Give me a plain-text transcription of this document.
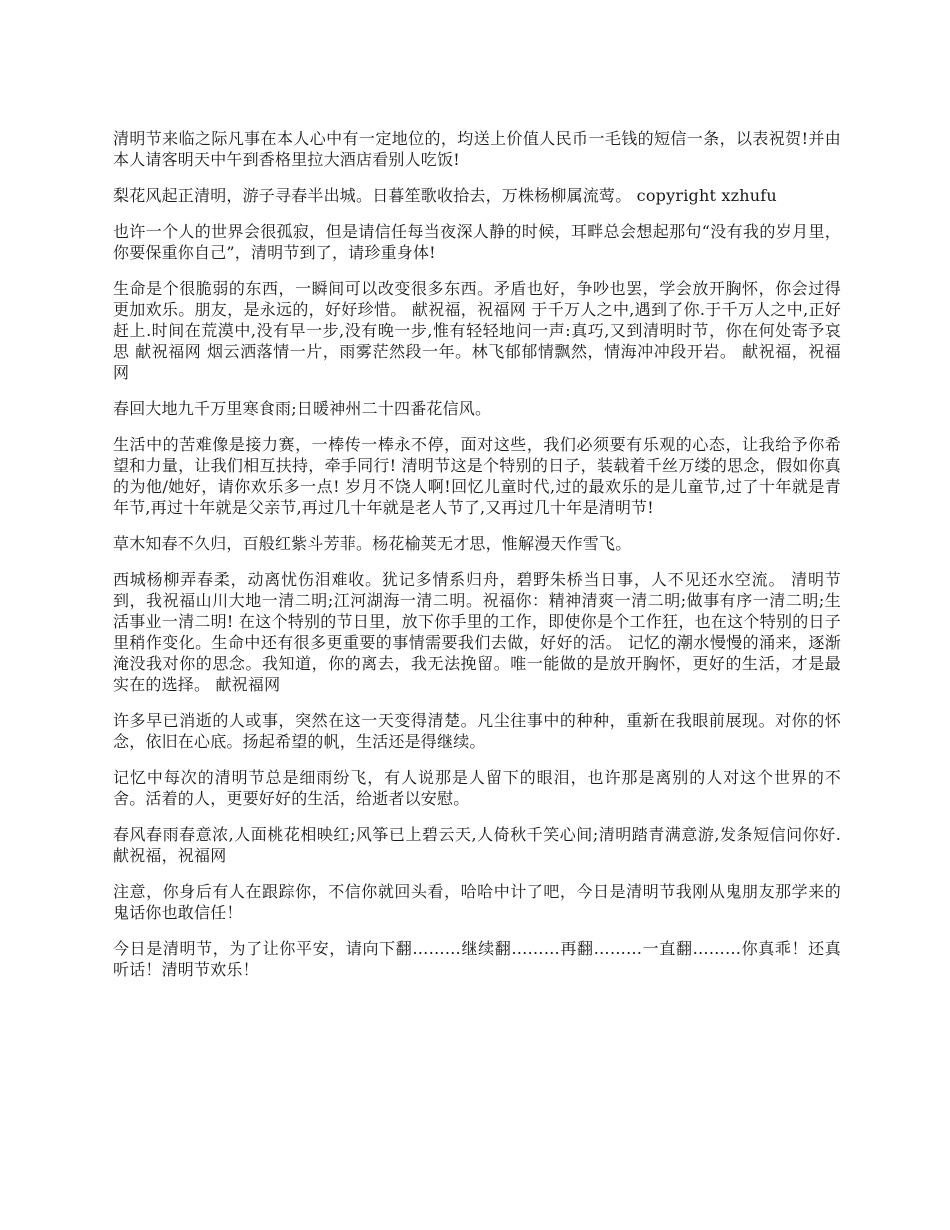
清明节来临之际凡事在本人心中有一定地位的，均送上价值人民币一毛钱的短信一条，以表祝贺!并由本人请客明天中午到香格里拉大酒店看别人吃饭!

梨花风起正清明，游子寻春半出城。日暮笙歌收拾去，万株杨柳属流莺。 copyright xzhufu

也许一个人的世界会很孤寂，但是请信任每当夜深人静的时候，耳畔总会想起那句“没有我的岁月里，你要保重你自己”，清明节到了，请珍重身体!

生命是个很脆弱的东西，一瞬间可以改变很多东西。矛盾也好，争吵也罢，学会放开胸怀，你会过得更加欢乐。朋友，是永远的，好好珍惜。 献祝福，祝福网 于千万人之中,遇到了你.于千万人之中,正好赶上.时间在荒漠中,没有早一步,没有晚一步,惟有轻轻地问一声:真巧,又到清明时节，你在何处寄予哀思 献祝福网 烟云洒落情一片，雨雾茫然段一年。林飞郁郁情飘然，情海冲冲段开岩。 献祝福，祝福网

春回大地九千万里寒食雨;日暖神州二十四番花信风。

生活中的苦难像是接力赛，一棒传一棒永不停，面对这些，我们必须要有乐观的心态，让我给予你希望和力量，让我们相互扶持，牵手同行! 清明节这是个特别的日子，装载着千丝万缕的思念，假如你真的为他/她好，请你欢乐多一点! 岁月不饶人啊!回忆儿童时代,过的最欢乐的是儿童节,过了十年就是青年节,再过十年就是父亲节,再过几十年就是老人节了,又再过几十年是清明节!

草木知春不久归，百般红紫斗芳菲。杨花榆荚无才思，惟解漫天作雪飞。

西城杨柳弄春柔，动离忧伤泪难收。犹记多情系归舟，碧野朱桥当日事，人不见还水空流。 清明节到，我祝福山川大地一清二明;江河湖海一清二明。祝福你：精神清爽一清二明;做事有序一清二明;生活事业一清二明! 在这个特别的节日里，放下你手里的工作，即使你是个工作狂，也在这个特别的日子里稍作变化。生命中还有很多更重要的事情需要我们去做，好好的活。 记忆的潮水慢慢的涌来，逐渐淹没我对你的思念。我知道，你的离去，我无法挽留。唯一能做的是放开胸怀，更好的生活，才是最实在的选择。 献祝福网

许多早已消逝的人或事，突然在这一天变得清楚。凡尘往事中的种种，重新在我眼前展现。对你的怀念，依旧在心底。扬起希望的帆，生活还是得继续。

记忆中每次的清明节总是细雨纷飞，有人说那是人留下的眼泪，也许那是离别的人对这个世界的不舍。活着的人，更要好好的生活，给逝者以安慰。

春风春雨春意浓,人面桃花相映红;风筝已上碧云天,人倚秋千笑心间;清明踏青满意游,发条短信问你好. 献祝福，祝福网

注意，你身后有人在跟踪你，不信你就回头看，哈哈中计了吧，今日是清明节我刚从鬼朋友那学来的鬼话你也敢信任！

今日是清明节，为了让你平安，请向下翻………继续翻………再翻………一直翻………你真乖！还真听话！清明节欢乐！
